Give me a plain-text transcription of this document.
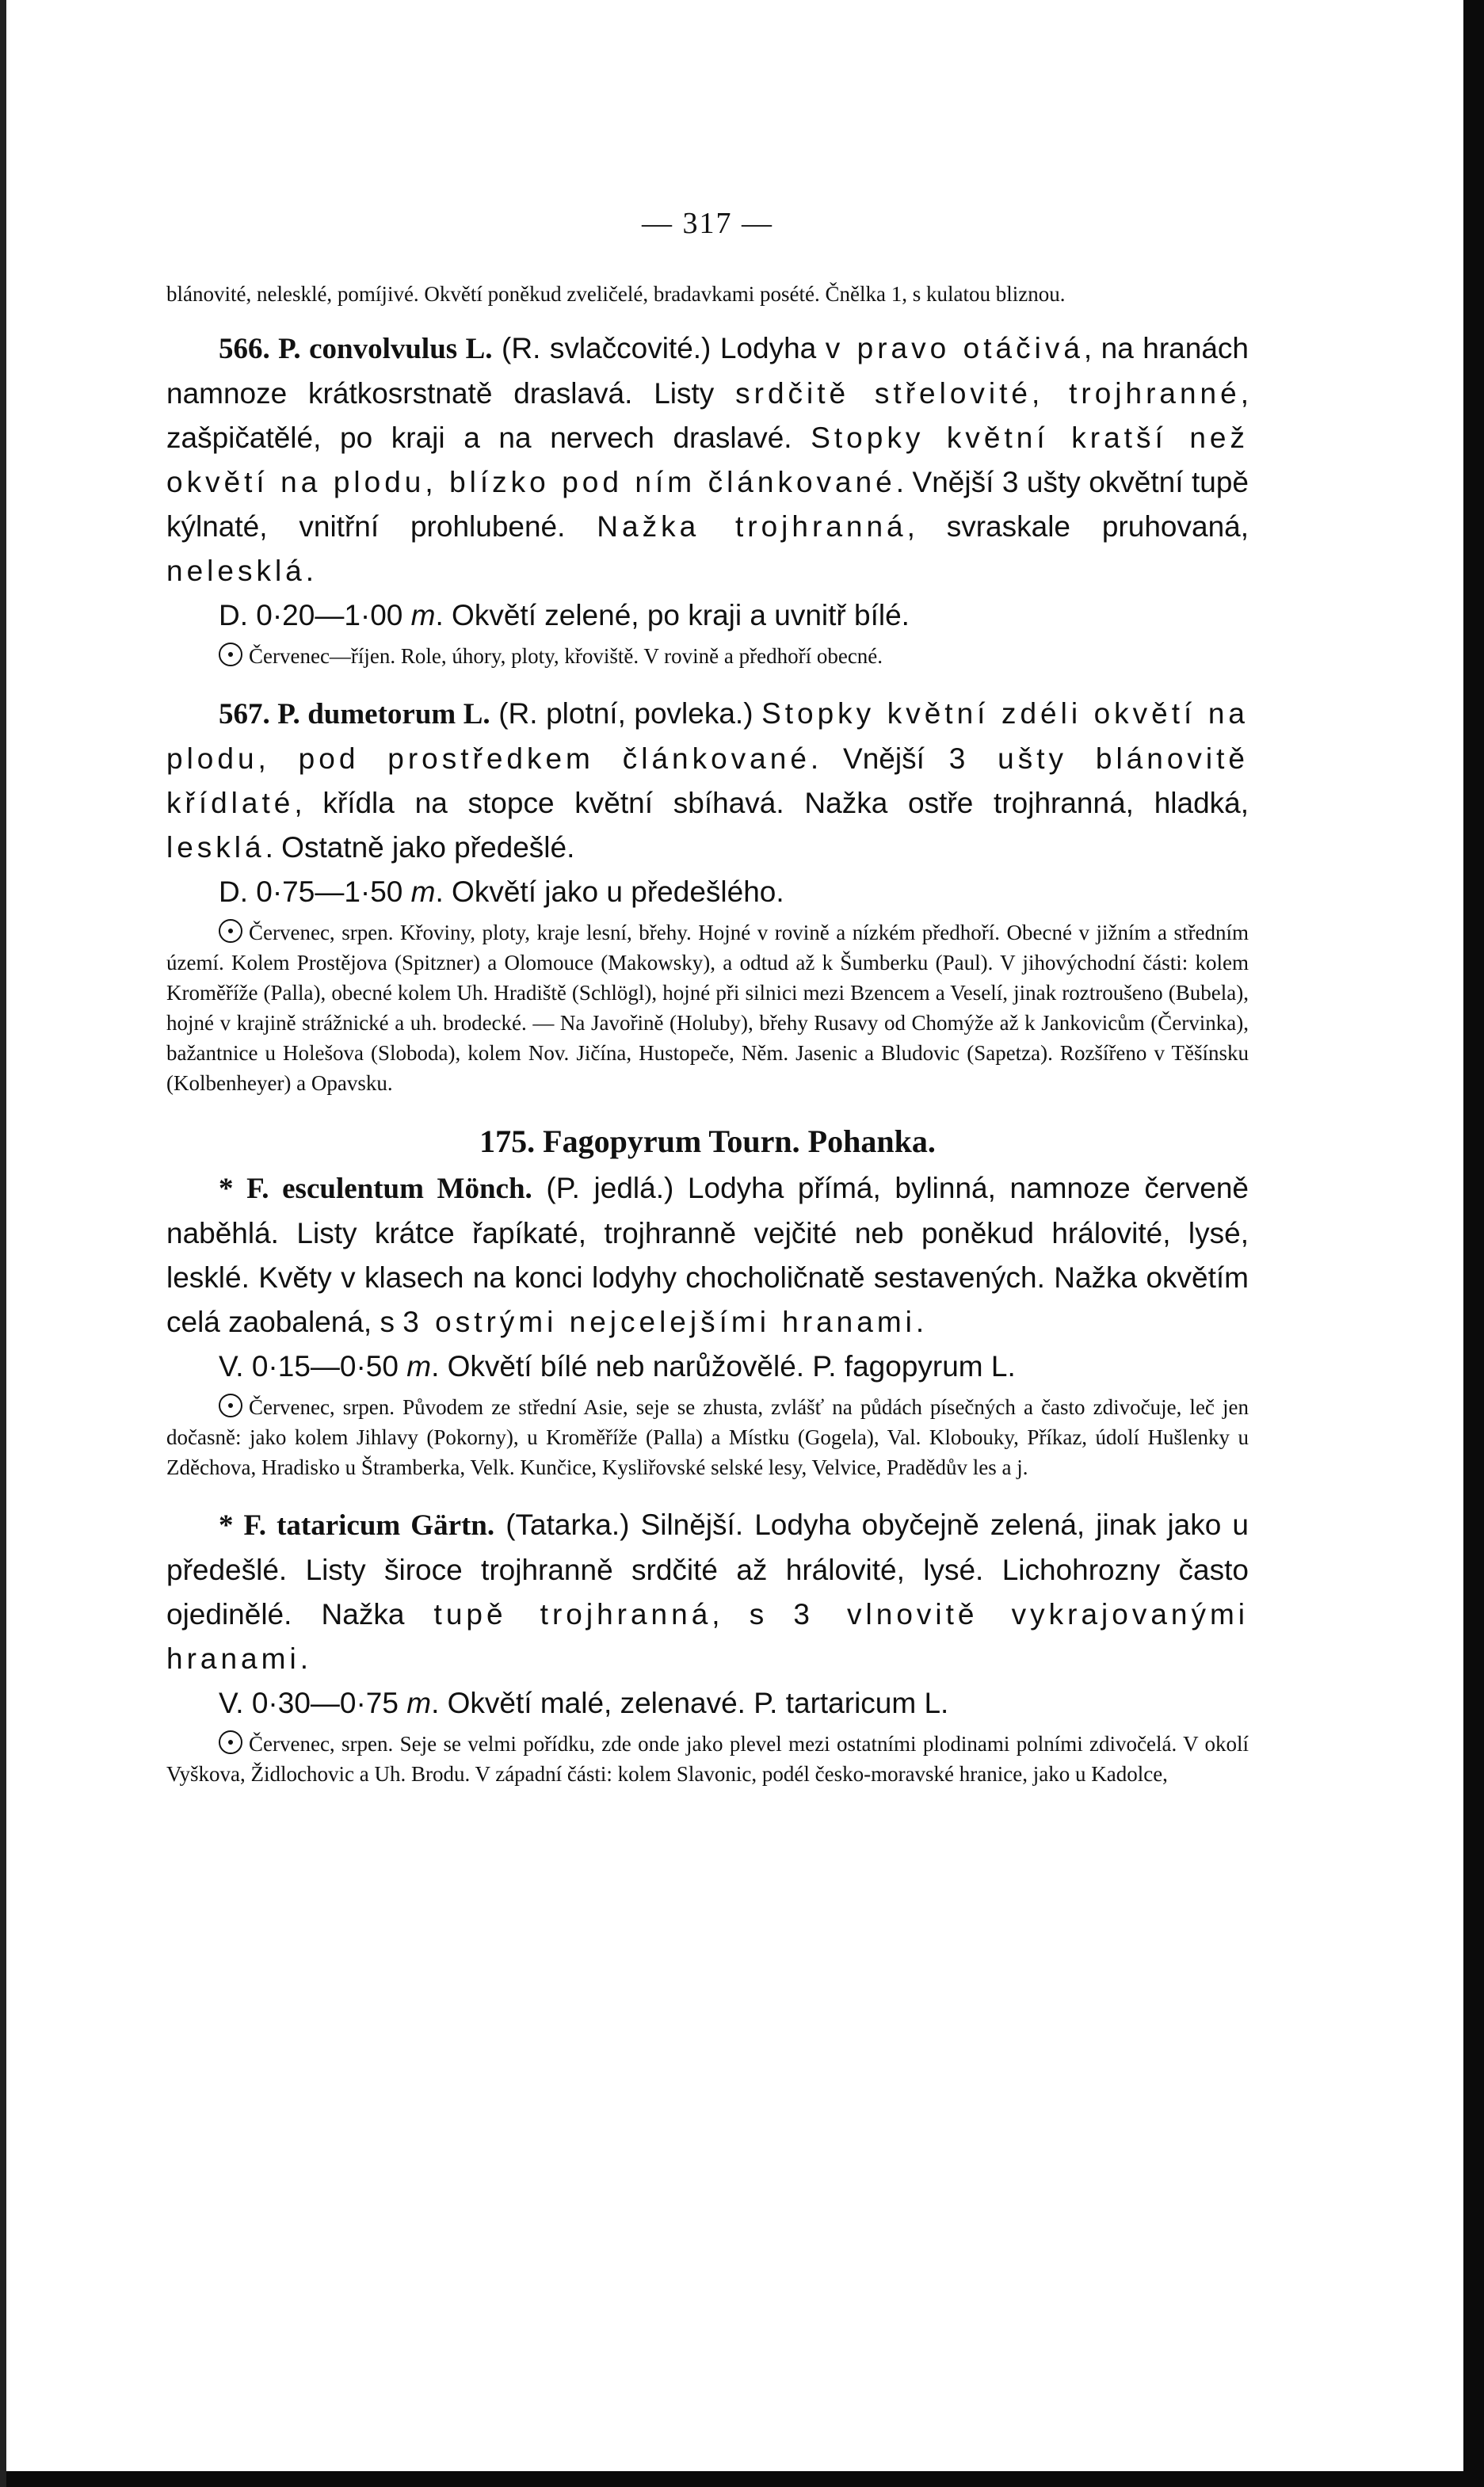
— 317 —

blánovité, nelesklé, pomíjivé. Okvětí poněkud zveličelé, bradavkami posété. Čnělka 1, s kulatou bliznou.

566. P. convolvulus L. (R. svlačcovité.) Lodyha v pravo otáčivá, na hranách namnoze krátkosrstnatě draslavá. Listy srdčitě střelovité, trojhranné, zašpičatělé, po kraji a na nervech draslavé. Stopky květní kratší než okvětí na plodu, blízko pod ním článkované. Vnější 3 ušty okvětní tupě kýlnaté, vnitřní prohlubené. Nažka trojhranná, svraskale pruhovaná, nelesklá.

D. 0·20—1·00 m. Okvětí zelené, po kraji a uvnitř bílé.

Červenec—říjen. Role, úhory, ploty, křoviště. V rovině a předhoří obecné.

567. P. dumetorum L. (R. plotní, povleka.) Stopky květní zdéli okvětí na plodu, pod prostředkem článkované. Vnější 3 ušty blánovitě křídlaté, křídla na stopce květní sbíhavá. Nažka ostře trojhranná, hladká, lesklá. Ostatně jako předešlé.

D. 0·75—1·50 m. Okvětí jako u předešlého.

Červenec, srpen. Křoviny, ploty, kraje lesní, břehy. Hojné v rovině a nízkém předhoří. Obecné v jižním a středním území. Kolem Prostějova (Spitzner) a Olomouce (Makowsky), a odtud až k Šumberku (Paul). V jihovýchodní části: kolem Kroměříže (Palla), obecné kolem Uh. Hradiště (Schlögl), hojné při silnici mezi Bzencem a Veselí, jinak roztroušeno (Bubela), hojné v krajině strážnické a uh. brodecké. — Na Javořině (Holuby), břehy Rusavy od Chomýže až k Jankovicům (Červinka), bažantnice u Holešova (Sloboda), kolem Nov. Jičína, Hustopeče, Něm. Jasenic a Bludovic (Sapetza). Rozšířeno v Těšínsku (Kolbenheyer) a Opavsku.

175. Fagopyrum Tourn. Pohanka.

* F. esculentum Mönch. (P. jedlá.) Lodyha přímá, bylinná, namnoze červeně naběhlá. Listy krátce řapíkaté, trojhranně vejčité neb poněkud hrálovité, lysé, lesklé. Květy v klasech na konci lodyhy chocholičnatě sestavených. Nažka okvětím celá zaobalená, s 3 ostrými nejcelejšími hranami.

V. 0·15—0·50 m. Okvětí bílé neb narůžovělé. P. fagopyrum L.

Červenec, srpen. Původem ze střední Asie, seje se zhusta, zvlášť na půdách písečných a často zdivočuje, leč jen dočasně: jako kolem Jihlavy (Pokorny), u Kroměříže (Palla) a Místku (Gogela), Val. Klobouky, Příkaz, údolí Hušlenky u Zděchova, Hradisko u Štramberka, Velk. Kunčice, Kysliřovské selské lesy, Velvice, Pradědův les a j.

* F. tataricum Gärtn. (Tatarka.) Silnější. Lodyha obyčejně zelená, jinak jako u předešlé. Listy široce trojhranně srdčité až hrálovité, lysé. Lichohrozny často ojedinělé. Nažka tupě trojhranná, s 3 vlnovitě vykrajovanými hranami.

V. 0·30—0·75 m. Okvětí malé, zelenavé. P. tartaricum L.

Červenec, srpen. Seje se velmi pořídku, zde onde jako plevel mezi ostatními plodinami polními zdivočelá. V okolí Vyškova, Židlochovic a Uh. Brodu. V západní části: kolem Slavonic, podél česko-moravské hranice, jako u Kadolce,
